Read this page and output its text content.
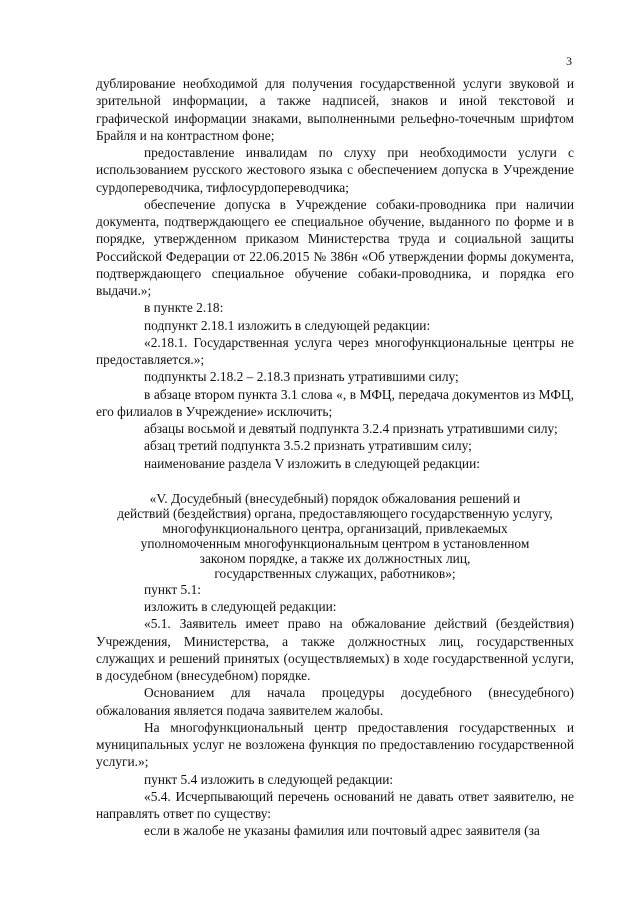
3

дублирование необходимой для получения государственной услуги звуковой и зрительной информации, а также надписей, знаков и иной текстовой и графической информации знаками, выполненными рельефно-точечным шрифтом Брайля и на контрастном фоне;

предоставление инвалидам по слуху при необходимости услуги с использованием русского жестового языка с обеспечением допуска в Учреждение сурдопереводчика, тифлосурдопереводчика;

обеспечение допуска в Учреждение собаки-проводника при наличии документа, подтверждающего ее специальное обучение, выданного по форме и в порядке, утвержденном приказом Министерства труда и социальной защиты Российской Федерации от 22.06.2015 № 386н «Об утверждении формы документа, подтверждающего специальное обучение собаки-проводника, и порядка его выдачи.»;

в пункте 2.18:

подпункт 2.18.1 изложить в следующей редакции:

«2.18.1. Государственная услуга через многофункциональные центры не предоставляется.»;

подпункты 2.18.2 – 2.18.3 признать утратившими силу;

в абзаце втором пункта 3.1 слова «, в МФЦ, передача документов из МФЦ, его филиалов в Учреждение» исключить;

абзацы восьмой и девятый подпункта 3.2.4 признать утратившими силу;

абзац третий подпункта 3.5.2 признать утратившим силу;

наименование раздела V изложить в следующей редакции:

«V. Досудебный (внесудебный) порядок обжалования решений и
действий (бездействия) органа, предоставляющего государственную услугу,
многофункционального центра, организаций, привлекаемых
уполномоченным многофункциональным центром в установленном
законом порядке, а также их должностных лиц,
государственных служащих, работников»;

пункт 5.1:

изложить в следующей редакции:

«5.1. Заявитель имеет право на обжалование действий (бездействия) Учреждения, Министерства, а также должностных лиц, государственных служащих и решений принятых (осуществляемых) в ходе государственной услуги, в досудебном (внесудебном) порядке.

Основанием для начала процедуры досудебного (внесудебного) обжалования является подача заявителем жалобы.

На многофункциональный центр предоставления государственных и муниципальных услуг не возложена функция по предоставлению государственной услуги.»;

пункт 5.4 изложить в следующей редакции:

«5.4. Исчерпывающий перечень оснований не давать ответ заявителю, не направлять ответ по существу:

если в жалобе не указаны фамилия или почтовый адрес заявителя (за
